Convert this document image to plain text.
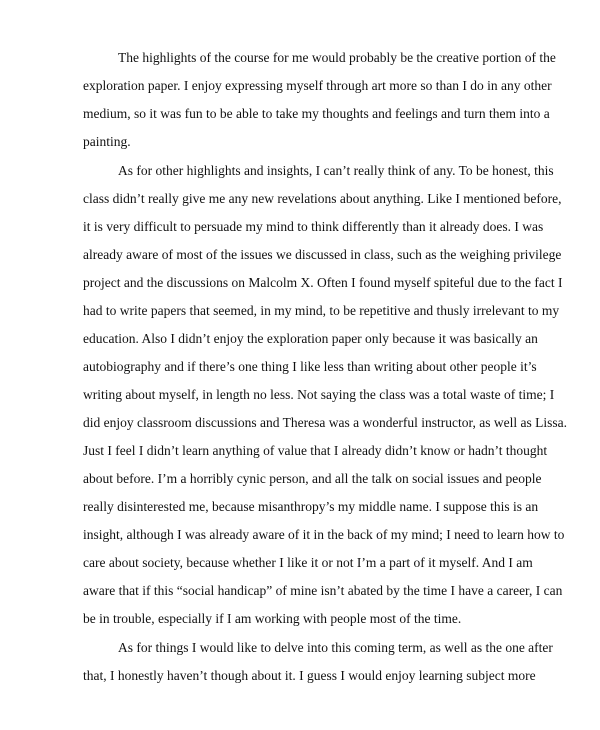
The highlights of the course for me would probably be the creative portion of the
exploration paper. I enjoy expressing myself through art more so than I do in any other
medium, so it was fun to be able to take my thoughts and feelings and turn them into a
painting.
As for other highlights and insights, I can’t really think of any. To be honest, this
class didn’t really give me any new revelations about anything. Like I mentioned before,
it is very difficult to persuade my mind to think differently than it already does. I was
already aware of most of the issues we discussed in class, such as the weighing privilege
project and the discussions on Malcolm X. Often I found myself spiteful due to the fact I
had to write papers that seemed, in my mind, to be repetitive and thusly irrelevant to my
education. Also I didn’t enjoy the exploration paper only because it was basically an
autobiography and if there’s one thing I like less than writing about other people it’s
writing about myself, in length no less. Not saying the class was a total waste of time; I
did enjoy classroom discussions and Theresa was a wonderful instructor, as well as Lissa.
Just I feel I didn’t learn anything of value that I already didn’t know or hadn’t thought
about before. I’m a horribly cynic person, and all the talk on social issues and people
really disinterested me, because misanthropy’s my middle name. I suppose this is an
insight, although I was already aware of it in the back of my mind; I need to learn how to
care about society, because whether I like it or not I’m a part of it myself. And I am
aware that if this “social handicap” of mine isn’t abated by the time I have a career, I can
be in trouble, especially if I am working with people most of the time.
As for things I would like to delve into this coming term, as well as the one after
that, I honestly haven’t though about it. I guess I would enjoy learning subject more
